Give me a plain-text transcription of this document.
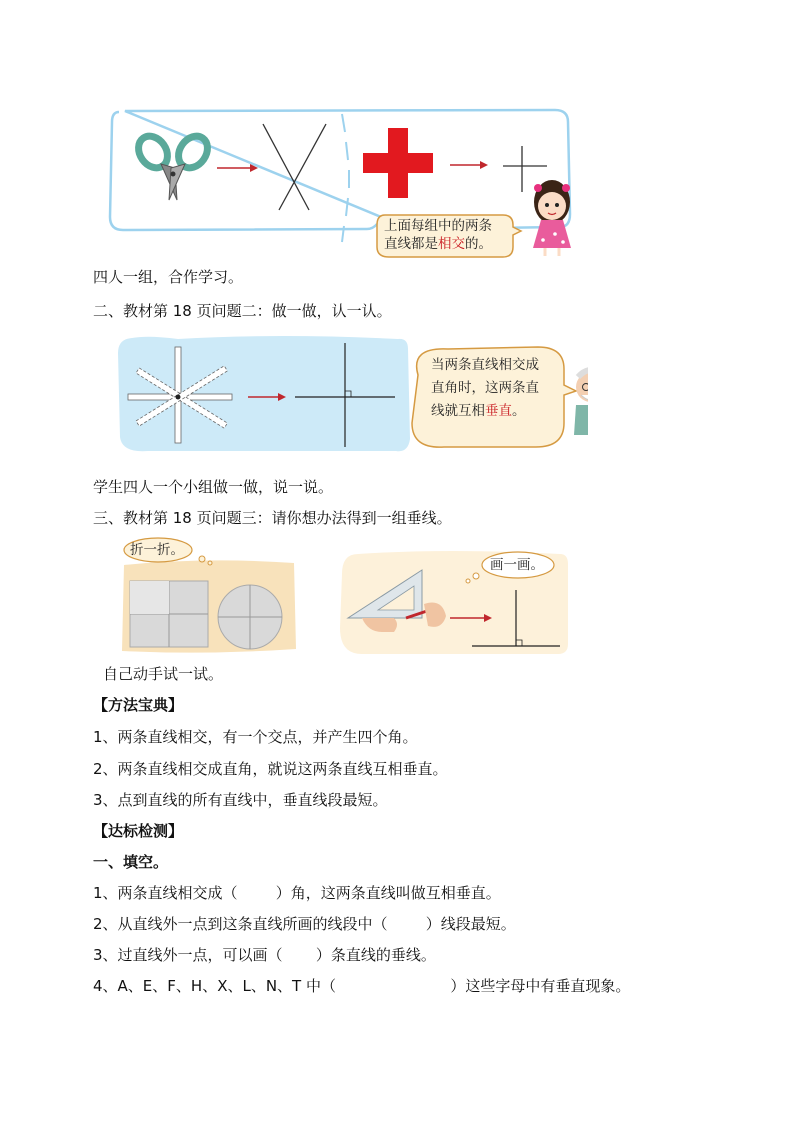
上面每组中的两条
直线都是相交的。
四人一组，合作学习。
二、教材第 18 页问题二：做一做，认一认。
当两条直线相交成
直角时，这两条直
线就互相垂直。
学生四人一个小组做一做，说一说。
三、教材第 18 页问题三：请你想办法得到一组垂线。
折一折。
画一画。
自己动手试一试。
【方法宝典】
1、两条直线相交，有一个交点，并产生四个角。
2、两条直线相交成直角，就说这两条直线互相垂直。
3、点到直线的所有直线中，垂直线段最短。
【达标检测】
一、填空。
1、两条直线相交成（        ）角，这两条直线叫做互相垂直。
2、从直线外一点到这条直线所画的线段中（        ）线段最短。
3、过直线外一点，可以画（       ）条直线的垂线。
4、A、E、F、H、X、L、N、T 中（                        ）这些字母中有垂直现象。
